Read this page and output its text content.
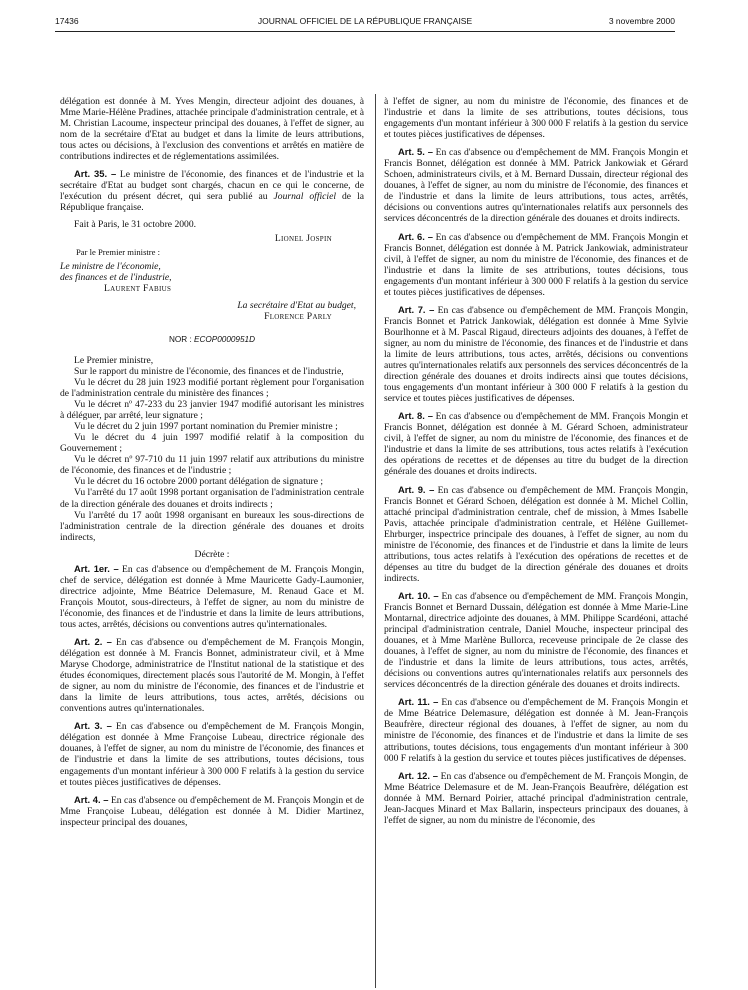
17436	JOURNAL OFFICIEL DE LA RÉPUBLIQUE FRANÇAISE	3 novembre 2000

délégation est donnée à M. Yves Mengin, directeur adjoint des douanes, à Mme Marie-Hélène Pradines, attachée principale d'administration centrale, et à M. Christian Lacoume, inspecteur principal des douanes, à l'effet de signer, au nom de la secrétaire d'Etat au budget et dans la limite de leurs attributions, tous actes ou décisions, à l'exclusion des conventions et arrêtés en matière de contributions indirectes et de réglementations assimilées.

Art. 35. – Le ministre de l'économie, des finances et de l'industrie et la secrétaire d'Etat au budget sont chargés, chacun en ce qui le concerne, de l'exécution du présent décret, qui sera publié au Journal officiel de la République française.

Fait à Paris, le 31 octobre 2000.

Lionel Jospin

Par le Premier ministre :

Le ministre de l'économie,

des finances et de l'industrie,

Laurent Fabius

La secrétaire d'Etat au budget,

Florence Parly

NOR : ECOP0000951D

Le Premier ministre,

Sur le rapport du ministre de l'économie, des finances et de l'industrie,

Vu le décret du 28 juin 1923 modifié portant règlement pour l'organisation de l'administration centrale du ministère des finances ;

Vu le décret nº 47-233 du 23 janvier 1947 modifié autorisant les ministres à déléguer, par arrêté, leur signature ;

Vu le décret du 2 juin 1997 portant nomination du Premier ministre ;

Vu le décret du 4 juin 1997 modifié relatif à la composition du Gouvernement ;

Vu le décret nº 97-710 du 11 juin 1997 relatif aux attributions du ministre de l'économie, des finances et de l'industrie ;

Vu le décret du 16 octobre 2000 portant délégation de signature ;

Vu l'arrêté du 17 août 1998 portant organisation de l'administration centrale de la direction générale des douanes et droits indirects ;

Vu l'arrêté du 17 août 1998 organisant en bureaux les sous-directions de l'administration centrale de la direction générale des douanes et droits indirects,

Décrète :

Art. 1er. – En cas d'absence ou d'empêchement de M. François Mongin, chef de service, délégation est donnée à Mme Mauricette Gady-Laumonier, directrice adjointe, Mme Béatrice Delemasure, M. Renaud Gace et M. François Moutot, sous-directeurs, à l'effet de signer, au nom du ministre de l'économie, des finances et de l'industrie et dans la limite de leurs attributions, tous actes, arrêtés, décisions ou conventions autres qu'internationales.

Art. 2. – En cas d'absence ou d'empêchement de M. François Mongin, délégation est donnée à M. Francis Bonnet, administrateur civil, et à Mme Maryse Chodorge, administratrice de l'Institut national de la statistique et des études économiques, directement placés sous l'autorité de M. Mongin, à l'effet de signer, au nom du ministre de l'économie, des finances et de l'industrie et dans la limite de leurs attributions, tous actes, arrêtés, décisions ou conventions autres qu'internationales.

Art. 3. – En cas d'absence ou d'empêchement de M. François Mongin, délégation est donnée à Mme Françoise Lubeau, directrice régionale des douanes, à l'effet de signer, au nom du ministre de l'économie, des finances et de l'industrie et dans la limite de ses attributions, toutes décisions, tous engagements d'un montant inférieur à 300 000 F relatifs à la gestion du service et toutes pièces justificatives de dépenses.

Art. 4. – En cas d'absence ou d'empêchement de M. François Mongin et de Mme Françoise Lubeau, délégation est donnée à M. Didier Martinez, inspecteur principal des douanes,

à l'effet de signer, au nom du ministre de l'économie, des finances et de l'industrie et dans la limite de ses attributions, toutes décisions, tous engagements d'un montant inférieur à 300 000 F relatifs à la gestion du service et toutes pièces justificatives de dépenses.

Art. 5. – En cas d'absence ou d'empêchement de MM. François Mongin et Francis Bonnet, délégation est donnée à MM. Patrick Jankowiak et Gérard Schoen, administrateurs civils, et à M. Bernard Dussain, directeur régional des douanes, à l'effet de signer, au nom du ministre de l'économie, des finances et de l'industrie et dans la limite de leurs attributions, tous actes, arrêtés, décisions ou conventions autres qu'internationales relatifs aux personnels des services déconcentrés de la direction générale des douanes et droits indirects.

Art. 6. – En cas d'absence ou d'empêchement de MM. François Mongin et Francis Bonnet, délégation est donnée à M. Patrick Jankowiak, administrateur civil, à l'effet de signer, au nom du ministre de l'économie, des finances et de l'industrie et dans la limite de ses attributions, toutes décisions, tous engagements d'un montant inférieur à 300 000 F relatifs à la gestion du service et toutes pièces justificatives de dépenses.

Art. 7. – En cas d'absence ou d'empêchement de MM. François Mongin, Francis Bonnet et Patrick Jankowiak, délégation est donnée à Mme Sylvie Bourlhonne et à M. Pascal Rigaud, directeurs adjoints des douanes, à l'effet de signer, au nom du ministre de l'économie, des finances et de l'industrie et dans la limite de leurs attributions, tous actes, arrêtés, décisions ou conventions autres qu'internationales relatifs aux personnels des services déconcentrés de la direction générale des douanes et droits indirects ainsi que toutes décisions, tous engagements d'un montant inférieur à 300 000 F relatifs à la gestion du service et toutes pièces justificatives de dépenses.

Art. 8. – En cas d'absence ou d'empêchement de MM. François Mongin et Francis Bonnet, délégation est donnée à M. Gérard Schoen, administrateur civil, à l'effet de signer, au nom du ministre de l'économie, des finances et de l'industrie et dans la limite de ses attributions, tous actes relatifs à l'exécution des opérations de recettes et de dépenses au titre du budget de la direction générale des douanes et droits indirects.

Art. 9. – En cas d'absence ou d'empêchement de MM. François Mongin, Francis Bonnet et Gérard Schoen, délégation est donnée à M. Michel Collin, attaché principal d'administration centrale, chef de mission, à Mmes Isabelle Pavis, attachée principale d'administration centrale, et Hélène Guillemet-Ehrburger, inspectrice principale des douanes, à l'effet de signer, au nom du ministre de l'économie, des finances et de l'industrie et dans la limite de leurs attributions, tous actes relatifs à l'exécution des opérations de recettes et de dépenses au titre du budget de la direction générale des douanes et droits indirects.

Art. 10. – En cas d'absence ou d'empêchement de MM. François Mongin, Francis Bonnet et Bernard Dussain, délégation est donnée à Mme Marie-Line Montarnal, directrice adjointe des douanes, à MM. Philippe Scardéoni, attaché principal d'administration centrale, Daniel Mouche, inspecteur principal des douanes, et à Mme Marlène Bullorca, receveuse principale de 2e classe des douanes, à l'effet de signer, au nom du ministre de l'économie, des finances et de l'industrie et dans la limite de leurs attributions, tous actes, arrêtés, décisions ou conventions autres qu'internationales relatifs aux personnels des services déconcentrés de la direction générale des douanes et droits indirects.

Art. 11. – En cas d'absence ou d'empêchement de M. François Mongin et de Mme Béatrice Delemasure, délégation est donnée à M. Jean-François Beaufrère, directeur régional des douanes, à l'effet de signer, au nom du ministre de l'économie, des finances et de l'industrie et dans la limite de ses attributions, toutes décisions, tous engagements d'un montant inférieur à 300 000 F relatifs à la gestion du service et toutes pièces justificatives de dépenses.

Art. 12. – En cas d'absence ou d'empêchement de M. François Mongin, de Mme Béatrice Delemasure et de M. Jean-François Beaufrère, délégation est donnée à MM. Bernard Poirier, attaché principal d'administration centrale, Jean-Jacques Minard et Max Ballarin, inspecteurs principaux des douanes, à l'effet de signer, au nom du ministre de l'économie, des
